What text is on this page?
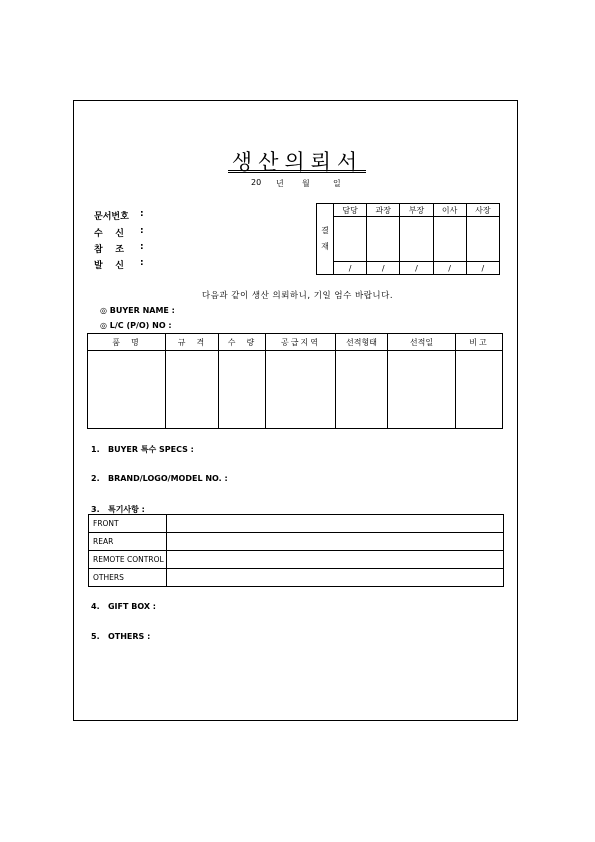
생산의뢰서
20 년 월	일
문서번호 :
수    신 :
참    조 :
발    신 :
결
재	담당	과장	부장	이사	사장

	/	/	/	/	/
다음과 같이 생산 의뢰하니, 기일 엄수 바랍니다.
◎ BUYER NAME :
◎ L/C (P/O) NO :
품  명	규  격	수  량	공급지역	선적형태	선적일	비고

1. BUYER 특수 SPECS :
2. BRAND/LOGO/MODEL NO. :
3. 특기사항 :
FRONT	
REAR	
REMOTE CONTROL	
OTHERS	
4. GIFT BOX :
5. OTHERS :
